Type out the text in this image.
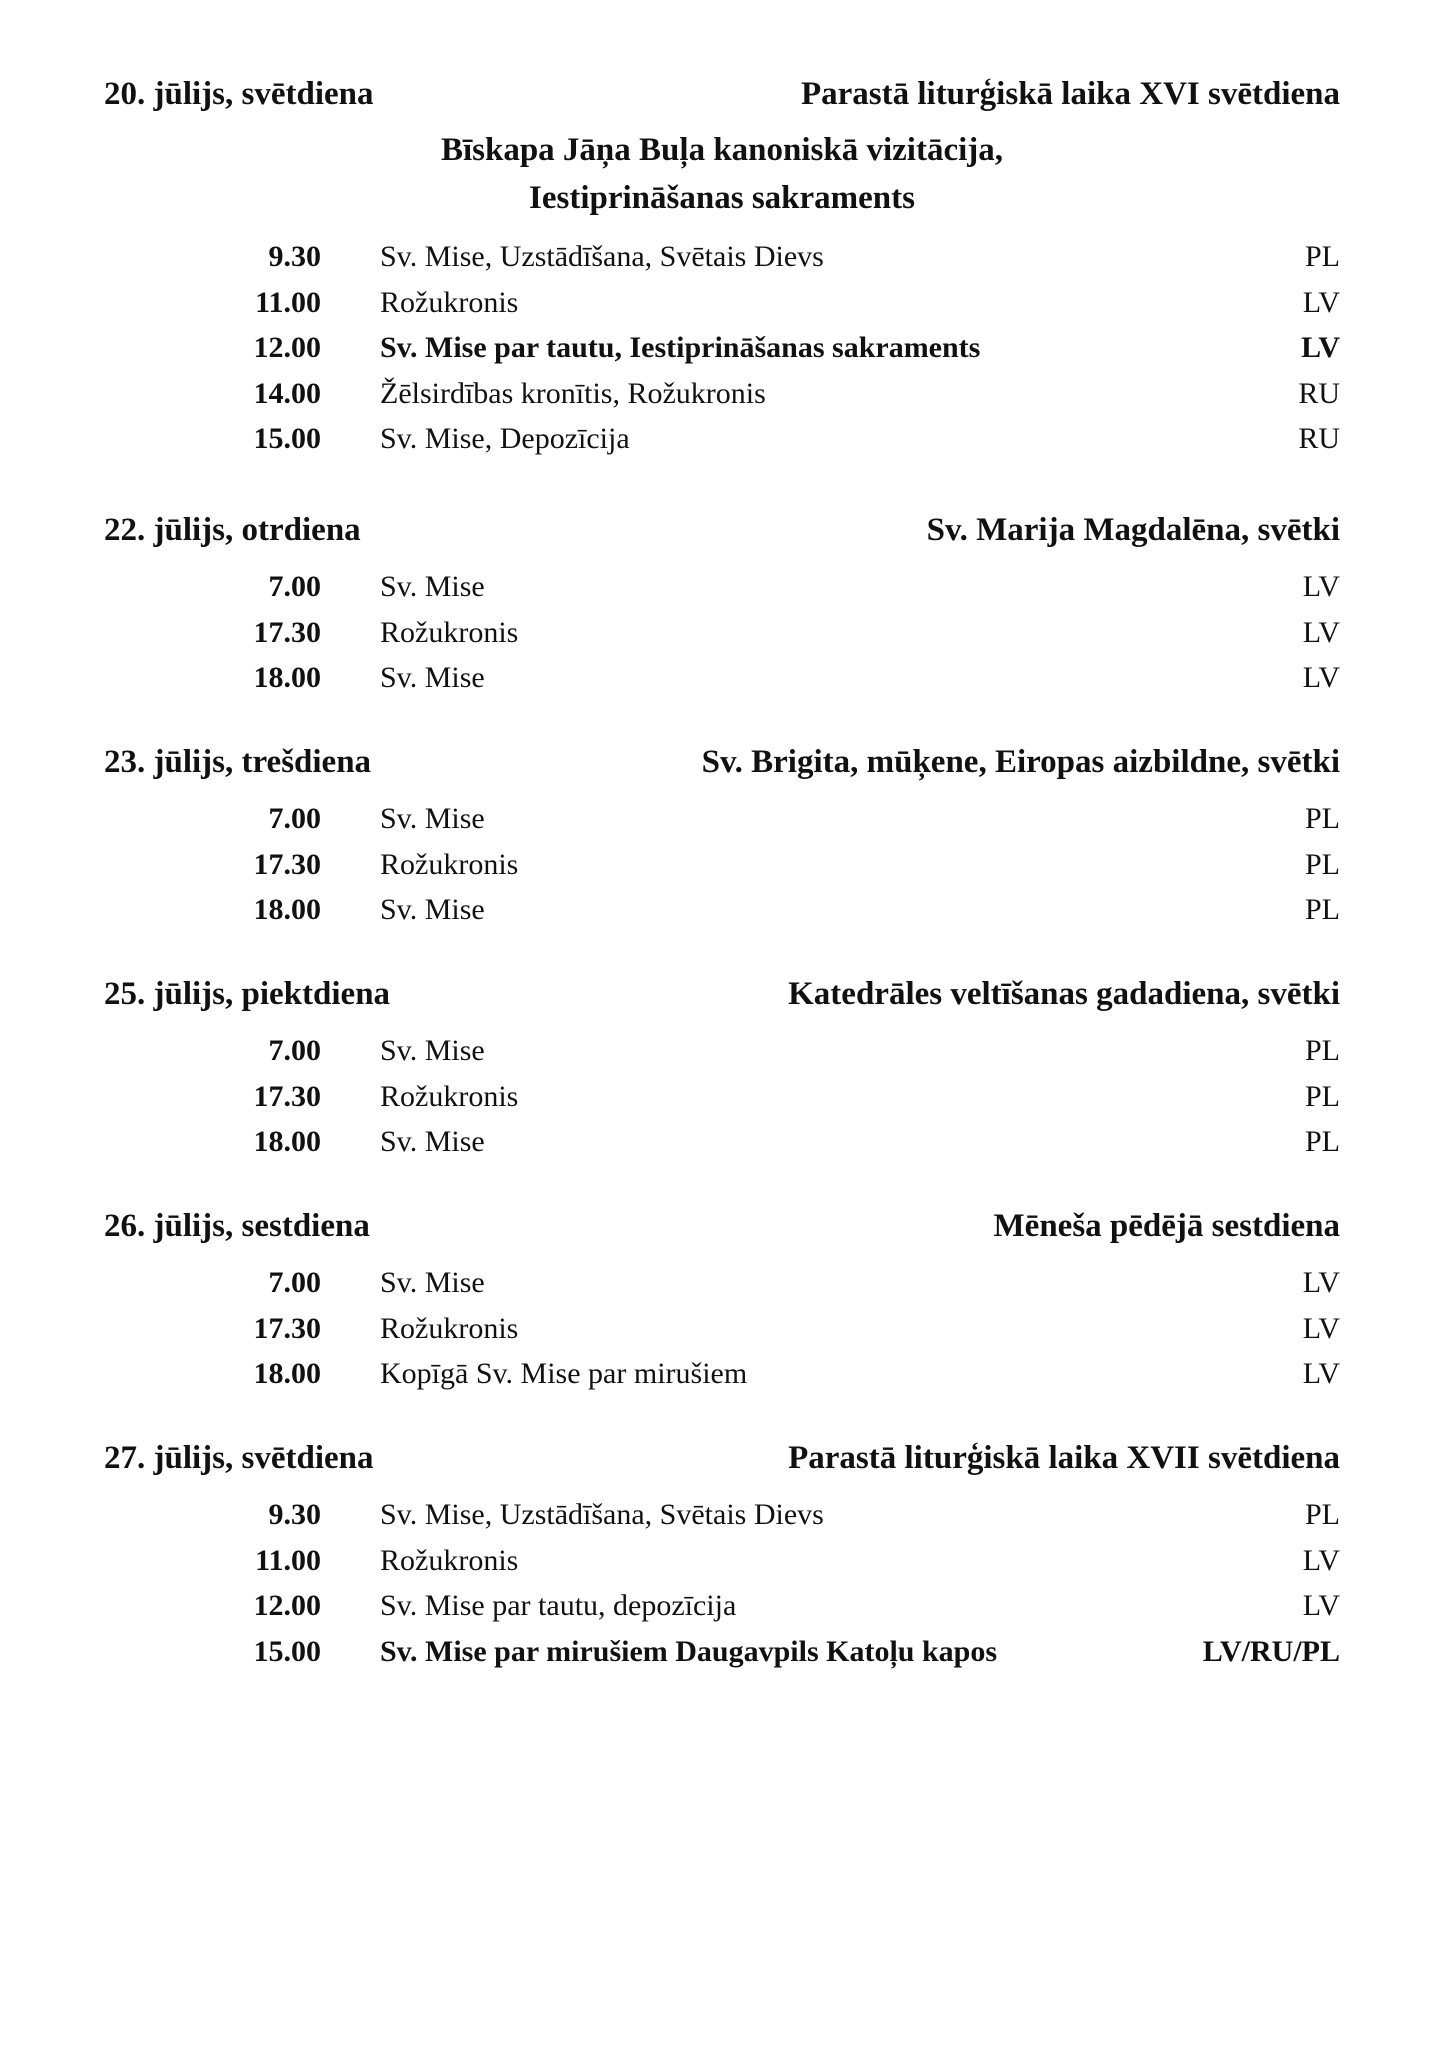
20. jūlijs, svētdiena	Parastā liturģiskā laika XVI svētdiena
Bīskapa Jāņa Buļa kanoniskā vizitācija,
Iestiprināšanas sakraments
9.30 Sv. Mise, Uzstādīšana, Svētais Dievs	PL
11.00 Rožukronis	LV
12.00 Sv. Mise par tautu, Iestiprināšanas sakraments	LV
14.00 Žēlsirdības kronītis, Rožukronis	RU
15.00 Sv. Mise, Depozīcija	RU
22. jūlijs, otrdiena	Sv. Marija Magdalēna, svētki
7.00 Sv. Mise	LV
17.30 Rožukronis	LV
18.00 Sv. Mise	LV
23. jūlijs, trešdiena	Sv. Brigita, mūķene, Eiropas aizbildne, svētki
7.00 Sv. Mise	PL
17.30 Rožukronis	PL
18.00 Sv. Mise	PL
25. jūlijs, piektdiena	Katedrāles veltīšanas gadadiena, svētki
7.00 Sv. Mise	PL
17.30 Rožukronis	PL
18.00 Sv. Mise	PL
26. jūlijs, sestdiena	Mēneša pēdējā sestdiena
7.00 Sv. Mise	LV
17.30 Rožukronis	LV
18.00 Kopīgā Sv. Mise par mirušiem	LV
27. jūlijs, svētdiena	Parastā liturģiskā laika XVII svētdiena
9.30 Sv. Mise, Uzstādīšana, Svētais Dievs	PL
11.00 Rožukronis	LV
12.00 Sv. Mise par tautu, depozīcija	LV
15.00 Sv. Mise par mirušiem Daugavpils Katoļu kapos	LV/RU/PL
